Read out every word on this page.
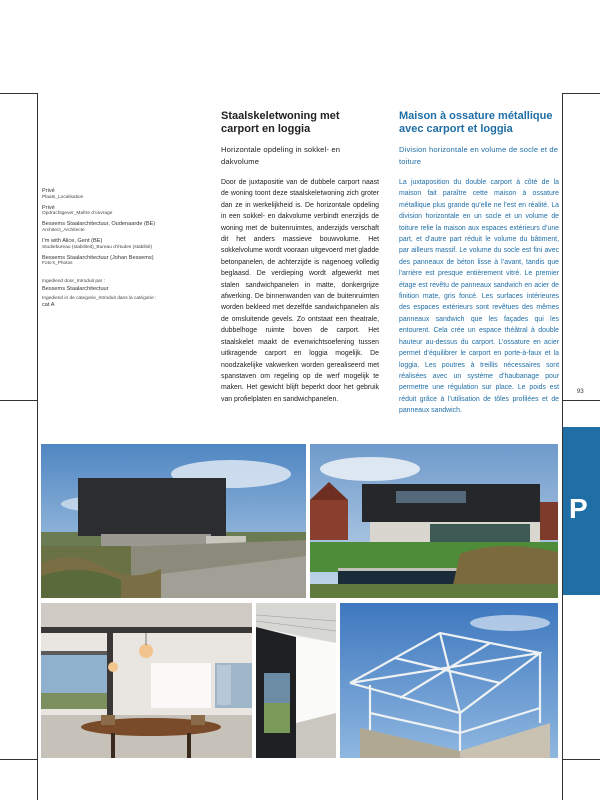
Privé
Plaats_Localisation
Privé
Opdrachtgever_Maître d’ouvrage
Bessems Staalarchitectuur, Oudenaarde (BE)
Architect_Architecte
I’m with Alice, Gent (BE)
Studiebureau (stabiliteit)_Bureau d’études (stabilité)
Bessems Staalarchitectuur (Johan Bessems)
Foto’s_Photos
Ingediend door_Introduit par :
Bessems Staalarchitectuur
Ingediend in de categorie_Introduit dans la catégorie :
cat A
Staalskeletwoning met carport en loggia
Horizontale opdeling in sokkel- en dakvolume

Door de juxtapositie van de dubbele carport naast de woning toont deze staalskeletwoning zich groter dan ze in werkelijkheid is. De horizontale opdeling in een sokkel- en dakvolume verbindt enerzijds de woning met de buitenruimtes, anderzijds verschaft dit het anders massieve bouwvolume. Het sokkelvolume wordt vooraan uitgevoerd met gladde betonpanelen, de achterzijde is nagenoeg volledig beglaasd. De verdieping wordt afgewerkt met stalen sandwichpanelen in matte, donkergrijze afwerking. De binnenwanden van de buitenruimten worden bekleed met dezelfde sandwichpanelen als de omsluitende gevels. Zo ontstaat een theatrale, dubbelhoge ruimte boven de carport. Het staalskelet maakt de evenwichtsoefening tussen uitkragende carport en loggia mogelijk. De noodzakelijke vakwerken worden gerealiseerd met spanstaven om regeling op de werf mogelijk te maken. Het gewicht blijft beperkt door het gebruik van profielplaten en sandwichpanelen.

Maison à ossature métallique avec carport et loggia
Division horizontale en volume de socle et de toiture

La juxtaposition du double carport à côté de la maison fait paraître cette maison à ossature métallique plus grande qu’elle ne l’est en réalité. La division horizontale en un socle et un volume de toiture relie la maison aux espaces extérieurs d’une part, et d’autre part réduit le volume du bâtiment, par ailleurs massif. Le volume du socle est fini avec des panneaux de béton lisse à l’avant, tandis que l’arrière est presque entièrement vitré. Le premier étage est revêtu de panneaux sandwich en acier de finition mate, gris foncé. Les surfaces intérieures des espaces extérieurs sont revêtues des mêmes panneaux sandwich que les façades qui les entourent. Cela crée un espace théâtral à double hauteur au-dessus du carport. L’ossature en acier permet d’équilibrer le carport en porte-à-faux et la loggia. Les poutres à treillis nécessaires sont réalisées avec un système d’haubanage pour permettre une régulation sur place. Le poids est réduit grâce à l’utilisation de tôles profilées et de panneaux sandwich.

93
P
